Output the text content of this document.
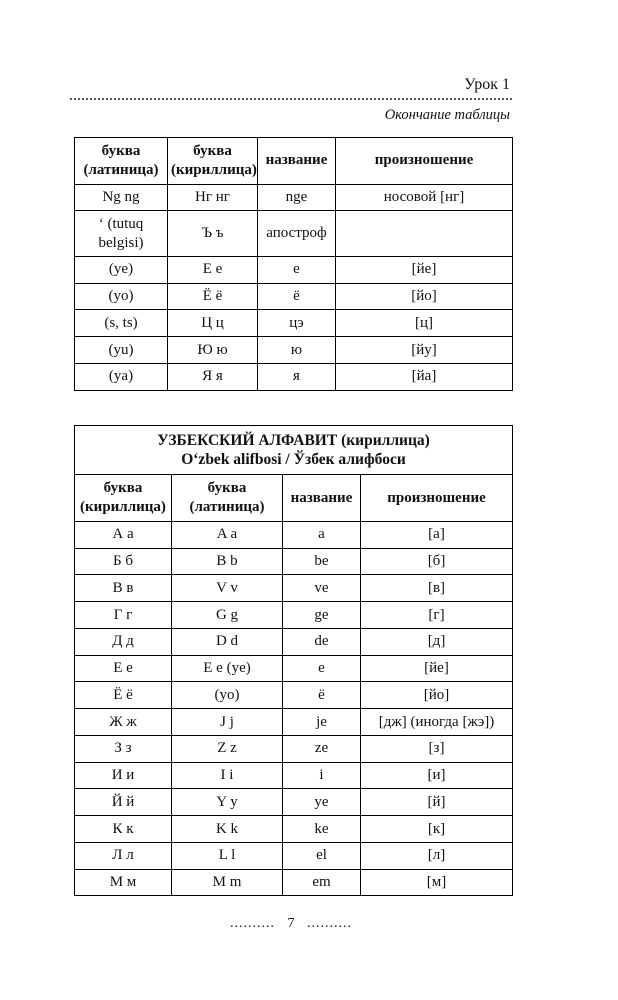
Урок 1
Окончание таблицы
буква (латиница)	буква (кириллица)	название	произношение
Ng ng	Нг нг	nge	носовой [нг]
‘ (tutuq belgisi)	Ъ ъ	апостроф	
(ye)	Е е	е	[йе]
(yo)	Ё ё	ё	[йо]
(s, ts)	Ц ц	цэ	[ц]
(yu)	Ю ю	ю	[йу]
(ya)	Я я	я	[йа]
УЗБЕКСКИЙ АЛФАВИТ (кириллица)
O‘zbek alifbosi / Ўзбек алифбоси			

буква (кириллица)	буква (латиница)	название	произношение
А а	A a	а	[а]
Б б	B b	be	[б]
В в	V v	ve	[в]
Г г	G g	ge	[г]
Д д	D d	de	[д]
Е е	E e (ye)	е	[йе]
Ё ё	(yo)	ё	[йо]
Ж ж	J j	je	[дж] (иногда [жэ])
З з	Z z	ze	[з]
И и	I i	i	[и]
Й й	Y y	ye	[й]
К к	K k	ke	[к]
Л л	L l	el	[л]
М м	M m	em	[м]
.......... 7 ..........
